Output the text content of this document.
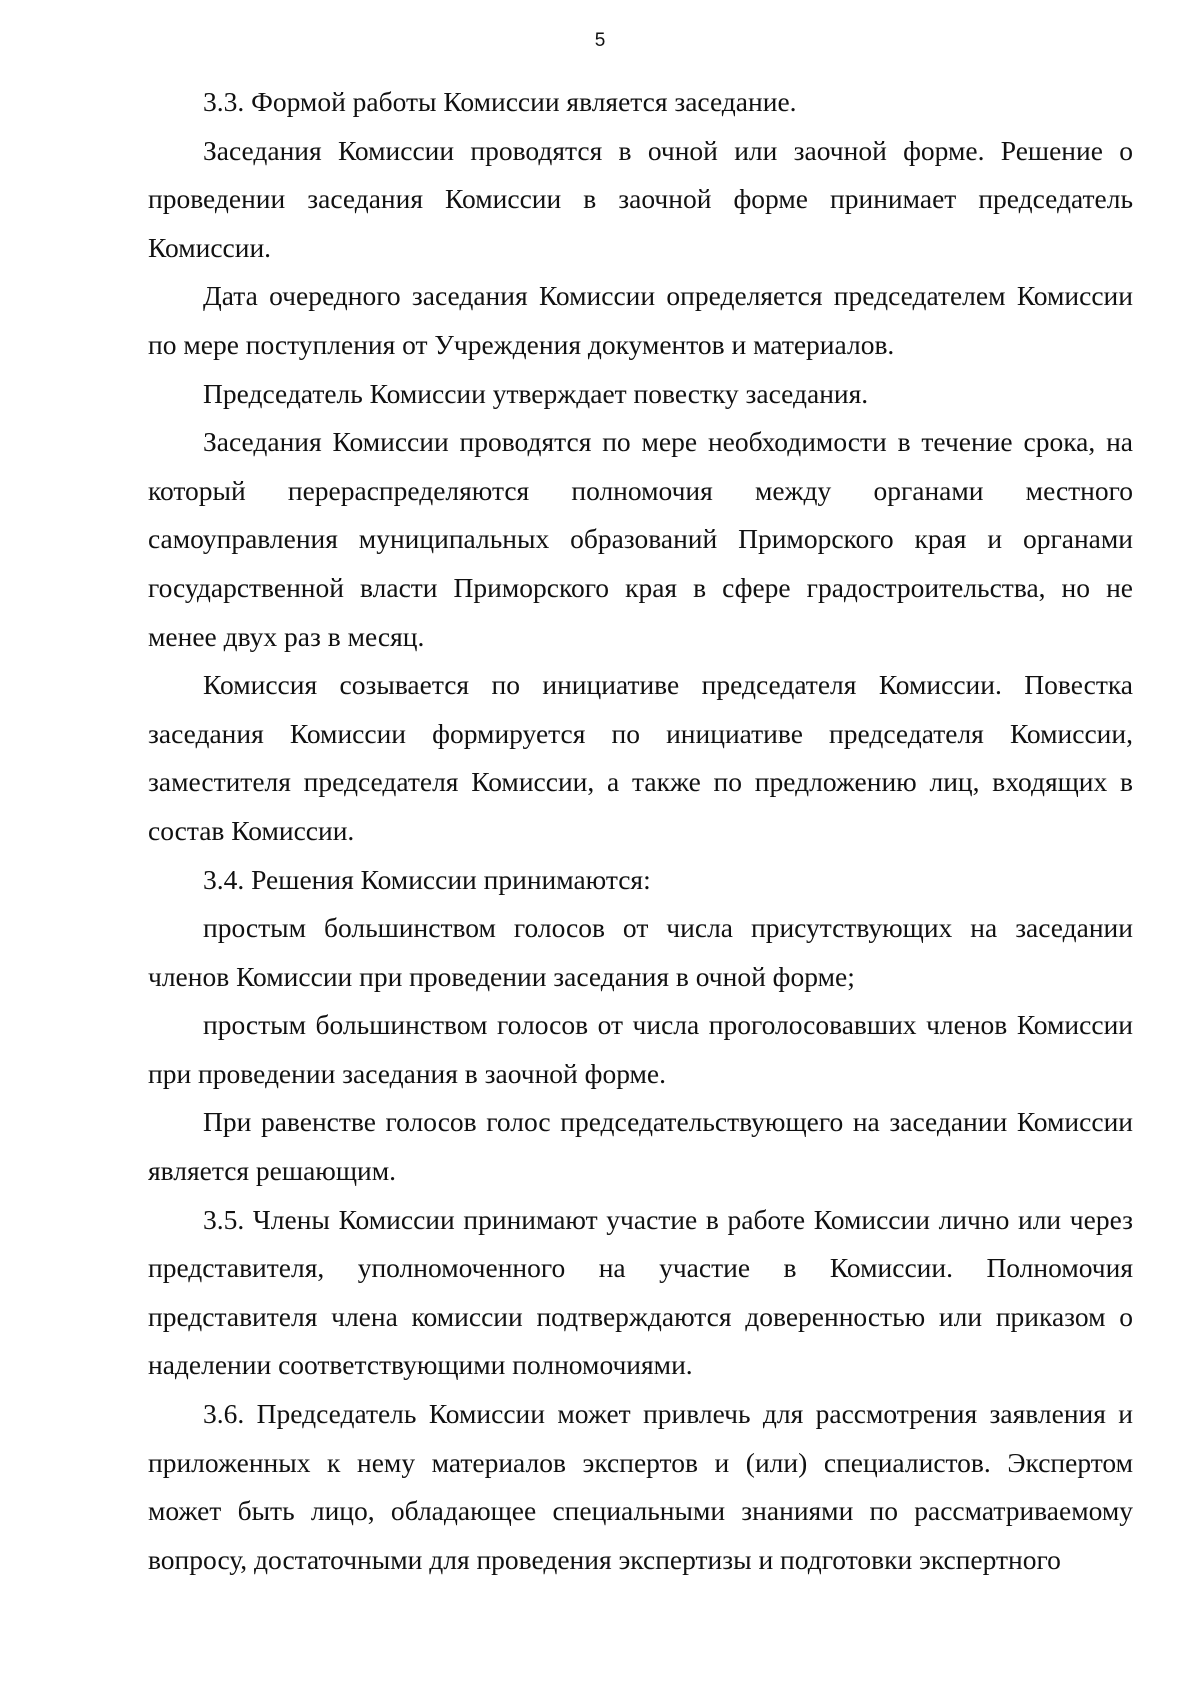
5

3.3. Формой работы Комиссии является заседание.

Заседания Комиссии проводятся в очной или заочной форме. Решение о проведении заседания Комиссии в заочной форме принимает председатель Комиссии.

Дата очередного заседания Комиссии определяется председателем Комиссии по мере поступления от Учреждения документов и материалов.

Председатель Комиссии утверждает повестку заседания.

Заседания Комиссии проводятся по мере необходимости в течение срока, на который перераспределяются полномочия между органами местного самоуправления муниципальных образований Приморского края и органами государственной власти Приморского края в сфере градостроительства, но не менее двух раз в месяц.

Комиссия созывается по инициативе председателя Комиссии. Повестка заседания Комиссии формируется по инициативе председателя Комиссии, заместителя председателя Комиссии, а также по предложению лиц, входящих в состав Комиссии.

3.4. Решения Комиссии принимаются:

простым большинством голосов от числа присутствующих на заседании членов Комиссии при проведении заседания в очной форме;

простым большинством голосов от числа проголосовавших членов Комиссии при проведении заседания в заочной форме.

При равенстве голосов голос председательствующего на заседании Комиссии является решающим.

3.5. Члены Комиссии принимают участие в работе Комиссии лично или через представителя, уполномоченного на участие в Комиссии. Полномочия представителя члена комиссии подтверждаются доверенностью или приказом о наделении соответствующими полномочиями.

3.6. Председатель Комиссии может привлечь для рассмотрения заявления и приложенных к нему материалов экспертов и (или) специалистов. Экспертом может быть лицо, обладающее специальными знаниями по рассматриваемому вопросу, достаточными для проведения экспертизы и подготовки экспертного
